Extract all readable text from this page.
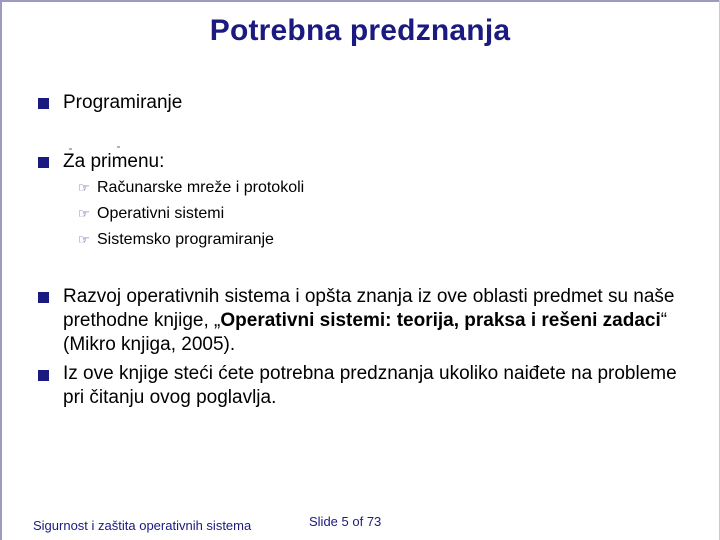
Potrebna predznanja
Programiranje
Za primenu:
☞ Računarske mreže i protokoli
☞ Operativni sistemi
☞ Sistemsko programiranje
Razvoj operativnih sistema i opšta znanja iz ove oblasti predmet su naše prethodne knjige, „Operativni sistemi: teorija, praksa i rešeni zadaci“ (Mikro knjiga, 2005).
Iz ove knjige steći ćete potrebna predznanja ukoliko naiđete na probleme pri čitanju ovog poglavlja.
Sigurnost i zaštita operativnih sistema	Slide 5 of 73
